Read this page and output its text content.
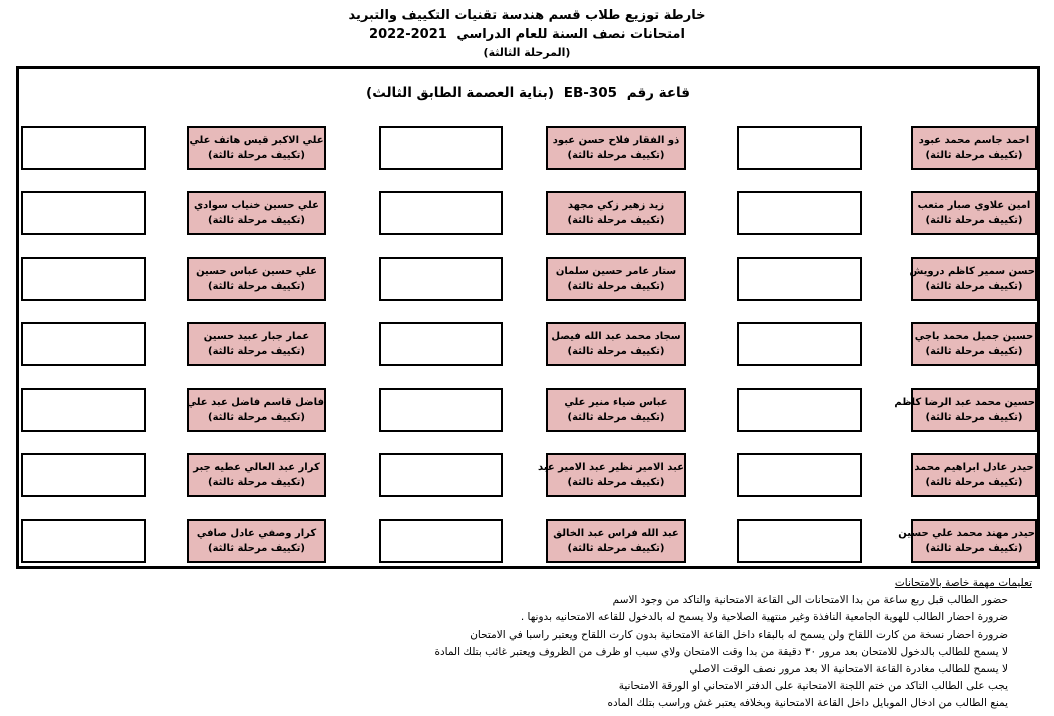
خارطة توزيع طلاب قسم هندسة تقنيات التكييف والتبريد
امتحانات نصف السنة للعام الدراسي 2022-2021
(المرحلة الثالثة)
قاعة رقم EB-305 (بناية العصمة الطابق الثالث)
علي الاكبر قيس هاتف علي
(تكييف مرحلة ثالثة)
ذو الفقار فلاح حسن عبود
(تكييف مرحلة ثالثة)
احمد جاسم محمد عبود
(تكييف مرحلة ثالثة)
علي حسين خنياب سوادي
(تكييف مرحلة ثالثة)
زيد زهير زكي مجهد
(تكييف مرحلة ثالثة)
امين علاوي صبار متعب
(تكييف مرحلة ثالثة)
علي حسين عباس حسين
(تكييف مرحلة ثالثة)
ستار عامر حسين سلمان
(تكييف مرحلة ثالثة)
حسن سمير كاظم درويش
(تكييف مرحلة ثالثة)
عمار جبار عبيد حسين
(تكييف مرحلة ثالثة)
سجاد محمد عبد الله فيصل
(تكييف مرحلة ثالثة)
حسين جميل محمد باجي
(تكييف مرحلة ثالثة)
فاضل قاسم فاضل عبد علي
(تكييف مرحلة ثالثة)
عباس ضياء منير علي
(تكييف مرحلة ثالثة)
حسين محمد عبد الرضا كاظم
(تكييف مرحلة ثالثة)
كرار عبد العالي عطيه جبر
(تكييف مرحلة ثالثة)
عبد الامير نظير عبد الامير عبد
(تكييف مرحلة ثالثة)
حيدر عادل ابراهيم محمد
(تكييف مرحلة ثالثة)
كرار وصفي عادل صافي
(تكييف مرحلة ثالثة)
عبد الله فراس عبد الخالق
(تكييف مرحلة ثالثة)
حيدر مهند محمد علي حسين
(تكييف مرحلة ثالثة)
تعليمات مهمة خاصة بالامتحانات
حضور الطالب قبل ربع ساعة من بدا الامتحانات الى القاعة الامتحانية والتاكد من وجود الاسم
ضرورة احضار الطالب للهوية الجامعية النافذة وغير منتهية الصلاحية ولا يسمح له بالدخول للقاعه الامتحانيه بدونها .
ضرورة احضار نسخة من كارت اللقاح ولن يسمح له بالبقاء داخل القاعة الامتحانية بدون كارت اللقاح ويعتبر راسبا في الامتحان
لا يسمح للطالب بالدخول للامتحان بعد مرور ٣٠ دقيقة من بدا وقت الامتحان ولاي سبب او ظرف من الظروف ويعتبر غائب بتلك المادة
لا يسمح للطالب مغادرة القاعة الامتحانية الا بعد مرور نصف الوقت الاصلي
يجب على الطالب التاكد من ختم اللجنة الامتحانية على الدفتر الامتحاني او الورقة الامتحانية
يمنع الطالب من ادخال الموبايل داخل القاعة الامتحانية وبخلافه يعتبر غش وراسب بتلك الماده
